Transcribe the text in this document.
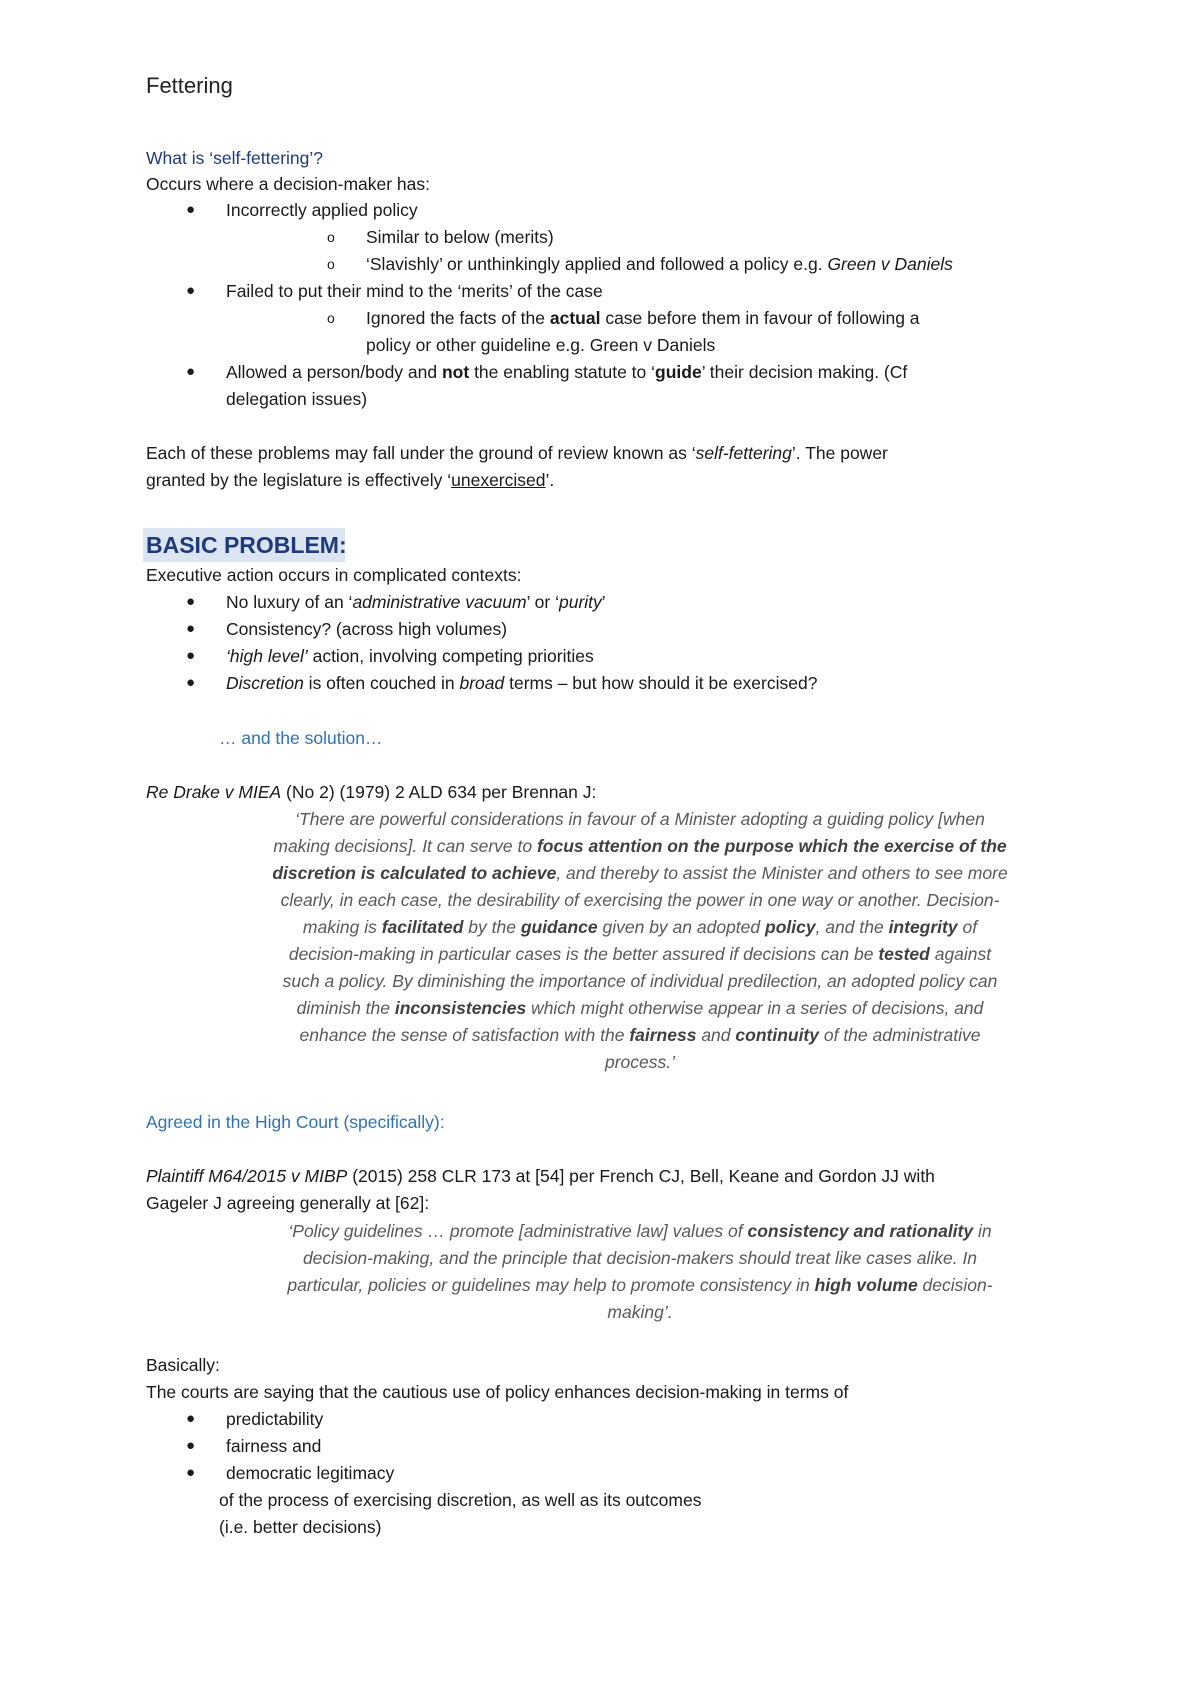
Fettering
What is ‘self-fettering’?
Occurs where a decision-maker has:
● Incorrectly applied policy
o Similar to below (merits)
o ‘Slavishly’ or unthinkingly applied and followed a policy e.g. Green v Daniels
● Failed to put their mind to the ‘merits’ of the case
o Ignored the facts of the actual case before them in favour of following a
policy or other guideline e.g. Green v Daniels
● Allowed a person/body and not the enabling statute to ‘guide’ their decision making. (Cf
delegation issues)
Each of these problems may fall under the ground of review known as ‘self-fettering’. The power
granted by the legislature is effectively ‘unexercised’.
BASIC PROBLEM:
Executive action occurs in complicated contexts:
● No luxury of an ‘administrative vacuum’ or ‘purity’
● Consistency? (across high volumes)
● ‘high level’ action, involving competing priorities
● Discretion is often couched in broad terms – but how should it be exercised?
… and the solution…
Re Drake v MIEA (No 2) (1979) 2 ALD 634 per Brennan J:
‘There are powerful considerations in favour of a Minister adopting a guiding policy [when
making decisions]. It can serve to focus attention on the purpose which the exercise of the
discretion is calculated to achieve, and thereby to assist the Minister and others to see more
clearly, in each case, the desirability of exercising the power in one way or another. Decision-
making is facilitated by the guidance given by an adopted policy, and the integrity of
decision-making in particular cases is the better assured if decisions can be tested against
such a policy. By diminishing the importance of individual predilection, an adopted policy can
diminish the inconsistencies which might otherwise appear in a series of decisions, and
enhance the sense of satisfaction with the fairness and continuity of the administrative
process.’
Agreed in the High Court (specifically):
Plaintiff M64/2015 v MIBP (2015) 258 CLR 173 at [54] per French CJ, Bell, Keane and Gordon JJ with
Gageler J agreeing generally at [62]:
‘Policy guidelines … promote [administrative law] values of consistency and rationality in
decision-making, and the principle that decision-makers should treat like cases alike. In
particular, policies or guidelines may help to promote consistency in high volume decision-
making’.
Basically:
The courts are saying that the cautious use of policy enhances decision-making in terms of
● predictability
● fairness and
● democratic legitimacy
of the process of exercising discretion, as well as its outcomes
(i.e. better decisions)
